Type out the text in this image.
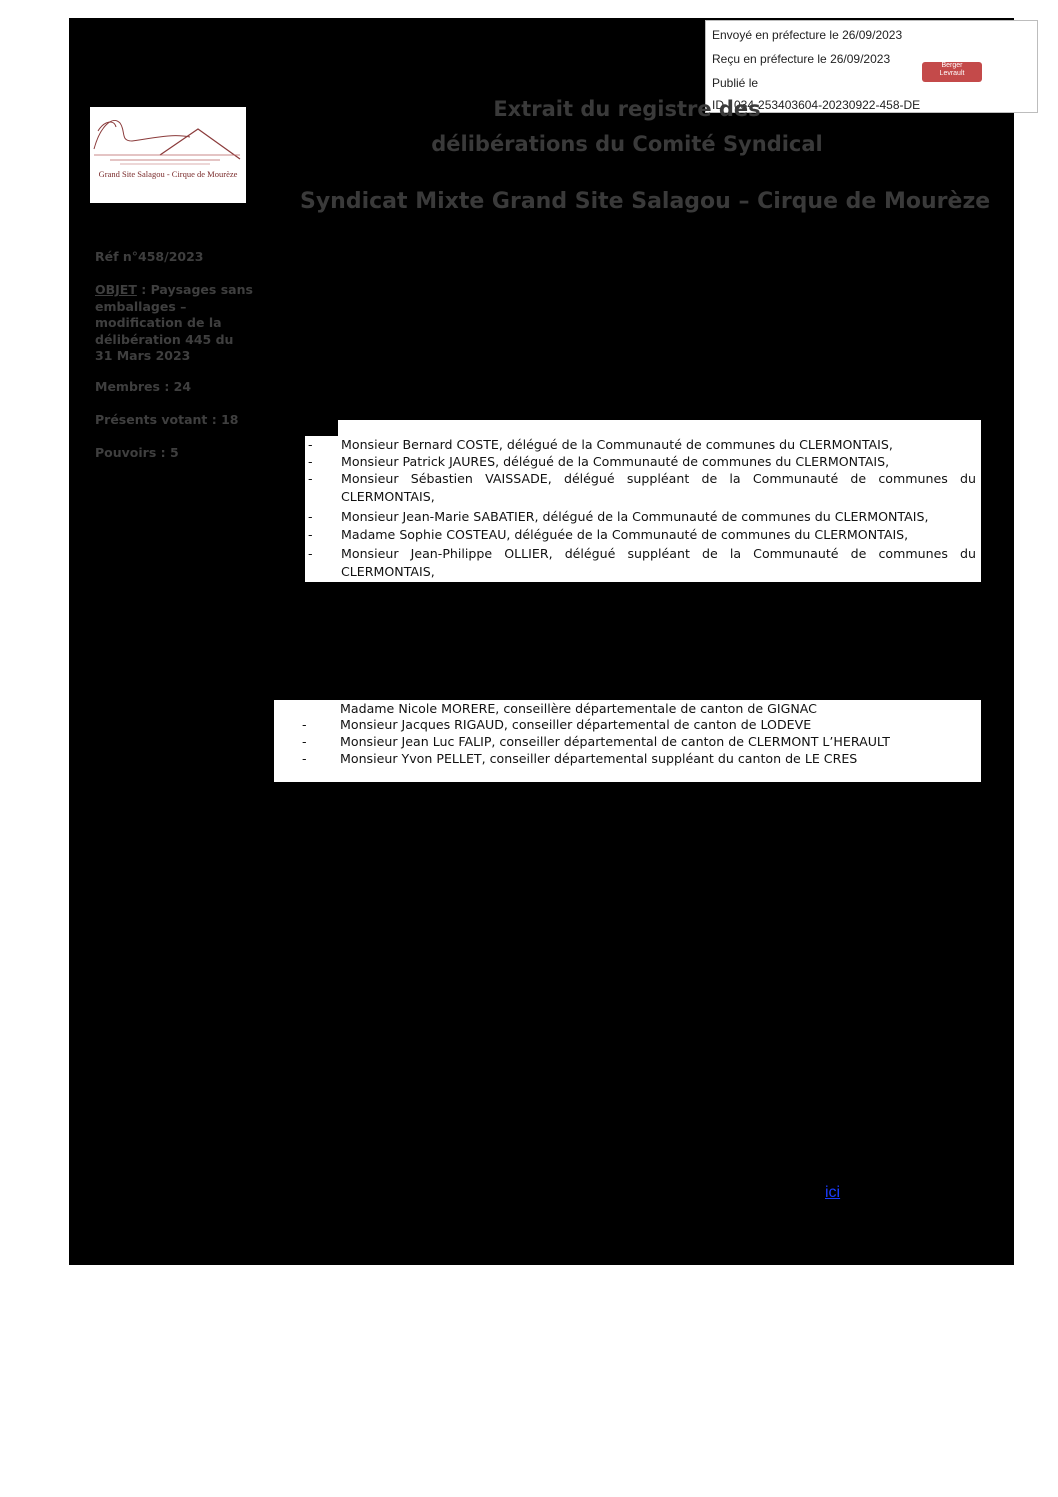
Envoyé en préfecture le 26/09/2023
Reçu en préfecture le 26/09/2023
Publié le
ID : 034-253403604-20230922-458-DE
Berger
Levrault
Grand Site Salagou - Cirque de Mourèze
Extrait du registre des
délibérations du Comité Syndical
Syndicat Mixte Grand Site Salagou – Cirque de Mourèze
Réf n°458/2023
OBJET : Paysages sans emballages – modification de la délibération 445 du 31 Mars 2023
Membres : 24
Présents votant : 18
Pouvoirs : 5
-	Monsieur Bernard COSTE, délégué de la Communauté de communes du CLERMONTAIS,
-	Monsieur Patrick JAURES, délégué de la Communauté de communes du CLERMONTAIS,
-	Monsieur Sébastien VAISSADE, délégué suppléant de la Communauté de communes du
CLERMONTAIS,
-	Monsieur Jean-Marie SABATIER, délégué de la Communauté de communes du CLERMONTAIS,
-	Madame Sophie COSTEAU, déléguée de la Communauté de communes du CLERMONTAIS,
-	Monsieur Jean-Philippe OLLIER, délégué suppléant de la Communauté de communes du
CLERMONTAIS,
Madame Nicole MORERE, conseillère départementale de canton de GIGNAC
-	Monsieur Jacques RIGAUD, conseiller départemental de canton de LODEVE
-	Monsieur Jean Luc FALIP, conseiller départemental de canton de CLERMONT L’HERAULT
-	Monsieur Yvon PELLET, conseiller départemental suppléant du canton de LE CRES
ici
